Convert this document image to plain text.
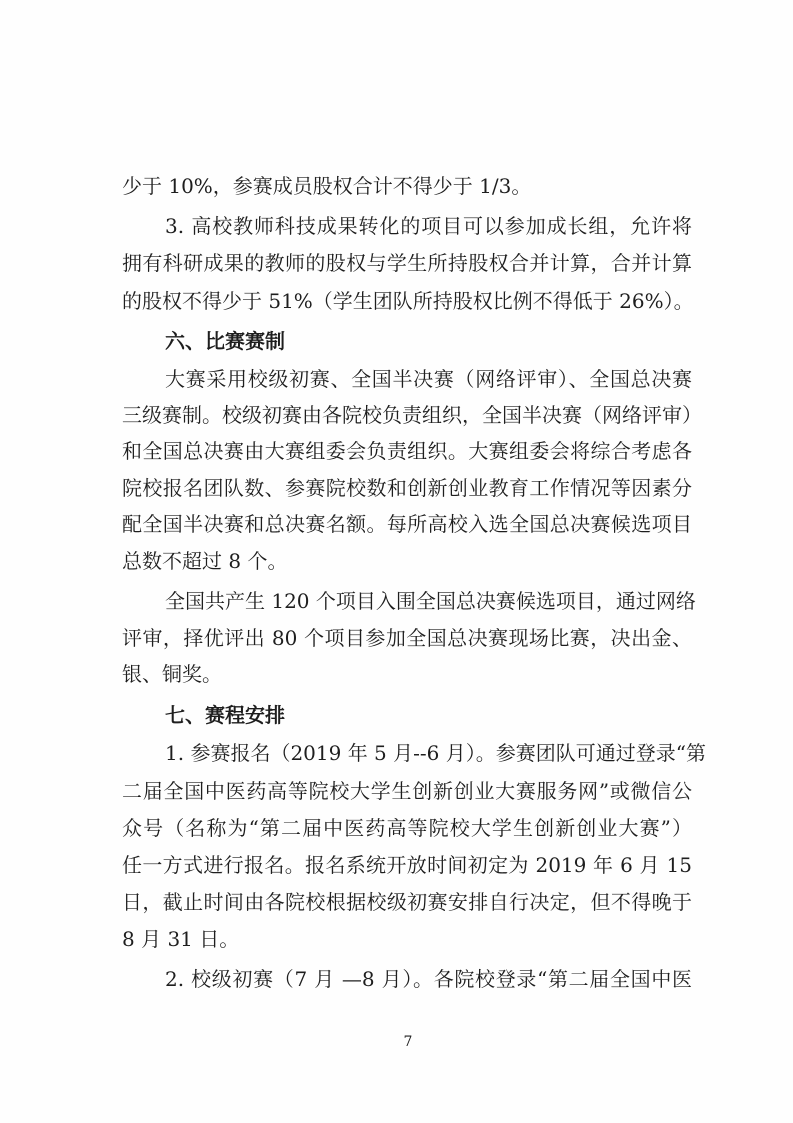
少于 10%，参赛成员股权合计不得少于 1/3。
3. 高校教师科技成果转化的项目可以参加成长组，允许将
拥有科研成果的教师的股权与学生所持股权合并计算，合并计算
的股权不得少于 51%（学生团队所持股权比例不得低于 26%）。
六、比赛赛制
大赛采用校级初赛、全国半决赛（网络评审）、全国总决赛
三级赛制。校级初赛由各院校负责组织，全国半决赛（网络评审）
和全国总决赛由大赛组委会负责组织。大赛组委会将综合考虑各
院校报名团队数、参赛院校数和创新创业教育工作情况等因素分
配全国半决赛和总决赛名额。每所高校入选全国总决赛候选项目
总数不超过 8 个。
全国共产生 120 个项目入围全国总决赛候选项目，通过网络
评审，择优评出 80 个项目参加全国总决赛现场比赛，决出金、
银、铜奖。
七、赛程安排
1. 参赛报名（2019 年 5 月--6 月）。参赛团队可通过登录“第
二届全国中医药高等院校大学生创新创业大赛服务网”或微信公
众号（名称为“第二届中医药高等院校大学生创新创业大赛”）
任一方式进行报名。报名系统开放时间初定为 2019 年 6 月 15
日，截止时间由各院校根据校级初赛安排自行决定，但不得晚于
8 月 31 日。
2. 校级初赛（7 月 —8 月）。各院校登录“第二届全国中医
7
